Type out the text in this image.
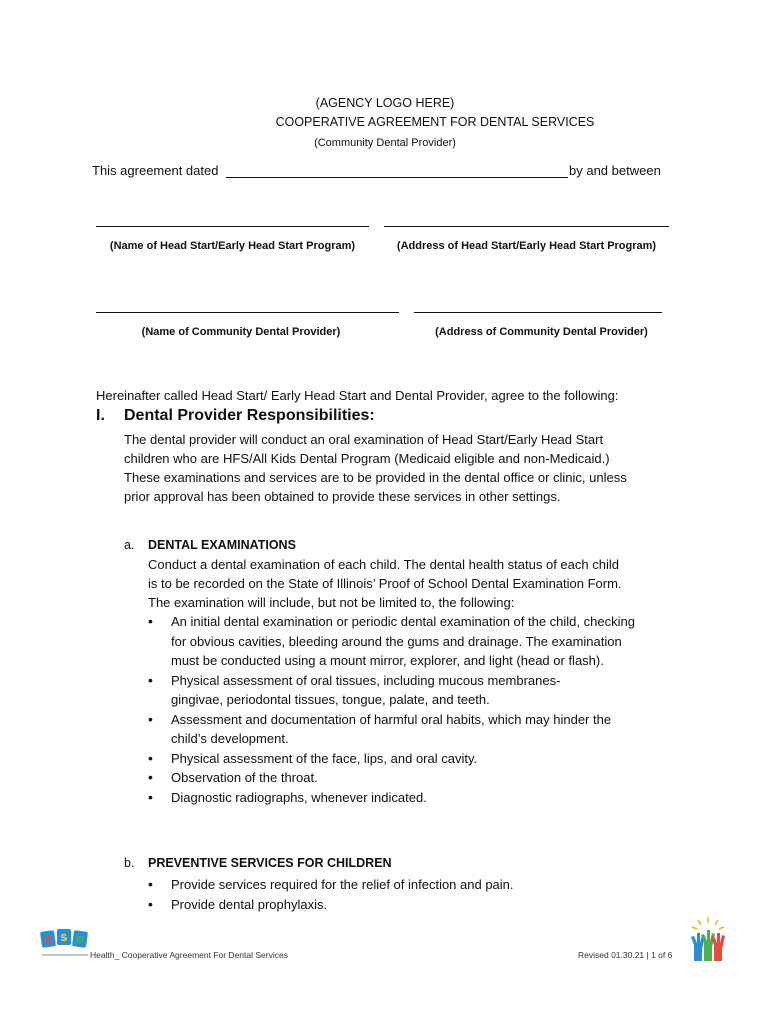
(AGENCY LOGO HERE)
COOPERATIVE AGREEMENT FOR DENTAL SERVICES
(Community Dental Provider)
This agreement dated	by and between
(Name of Head Start/Early Head Start Program)	(Address of Head Start/Early Head Start Program)
(Name of Community Dental Provider)	(Address of Community Dental Provider)
Hereinafter called Head Start/ Early Head Start and Dental Provider, agree to the following:
I. Dental Provider Responsibilities:
The dental provider will conduct an oral examination of Head Start/Early Head Start
children who are HFS/All Kids Dental Program (Medicaid eligible and non-Medicaid.)
These examinations and services are to be provided in the dental office or clinic, unless
prior approval has been obtained to provide these services in other settings.
a. DENTAL EXAMINATIONS
Conduct a dental examination of each child. The dental health status of each child
is to be recorded on the State of Illinois’ Proof of School Dental Examination Form.
The examination will include, but not be limited to, the following:
• An initial dental examination or periodic dental examination of the child, checking for obvious cavities, bleeding around the gums and drainage. The examination must be conducted using a mount mirror, explorer, and light (head or flash).
• Physical assessment of oral tissues, including mucous membranes- gingivae, periodontal tissues, tongue, palate, and teeth.
• Assessment and documentation of harmful oral habits, which may hinder the child’s development.
• Physical assessment of the face, lips, and oral cavity.
• Observation of the throat.
• Diagnostic radiographs, whenever indicated.
b. PREVENTIVE SERVICES FOR CHILDREN
• Provide services required for the relief of infection and pain.
• Provide dental prophylaxis.
C S D
Health_ Cooperative Agreement For Dental Services	Revised 01.30.21 | 1 of 6
